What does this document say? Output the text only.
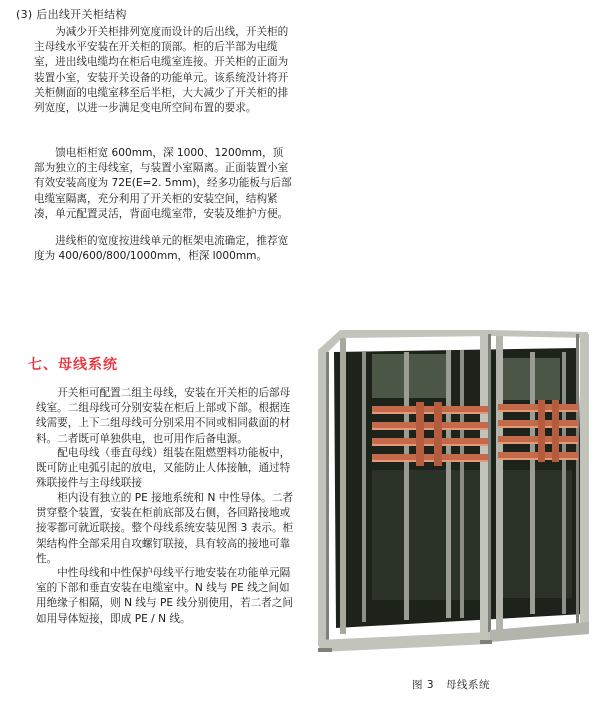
(3) 后出线开关柜结构

为减少开关柜排列宽度而设计的后出线，开关柜的主母线水平安装在开关柜的顶部。柜的后半部为电缆室，进出线电缆均在柜后电缆室连接。开关柜的正面为装置小室，安装开关设备的功能单元。该系统没计将开关柜侧面的电缆室移至后半柜，大大减少了开关柜的排列宽度，以进一步满足变电所空间布置的要求。

馈电柜柜宽 600mm，深 1000、1200mm，顶部为独立的主母线室，与装置小室隔离。正面装置小室有效安装高度为 72E(E=2. 5mm)，经多功能板与后部电缆室隔离，充分利用了开关柜的安装空间，结构紧凑，单元配置灵活，背面电缆室带，安装及维护方便。

进线柜的宽度按进线单元的框架电流确定，推荐宽度为 400/600/800/1000mm，柜深 l000mm。

七、母线系统

开关柜可配置二组主母线，安装在开关柜的后部母线室。二组母线可分别安装在柜后上部或下部。根据连线需要，上下二组母线可分别采用不同或相同截面的材料。二者既可单独供电，也可用作后备电源。

配电母线（垂直母线）组装在阻燃塑料功能板中，既可防止电弧引起的放电，又能防止人体接触，通过特殊联接件与主母线联接

柜内设有独立的 PE 接地系统和 N 中性导体。二者贯穿整个装置，安装在柜前底部及右侧，各回路接地或接零都可就近联接。整个母线系统安装见图 3 表示。柜架结构件全部采用自攻螺钉联接，具有较高的接地可靠性。

中性母线和中性保护母线平行地安装在功能单元隔室的下部和垂直安装在电缆室中。N 线与 PE 线之间如用绝缘子相隔，则 N 线与 PE 线分别使用，若二者之间如用导体短接，即成 PE / N 线。

图 3 母线系统
